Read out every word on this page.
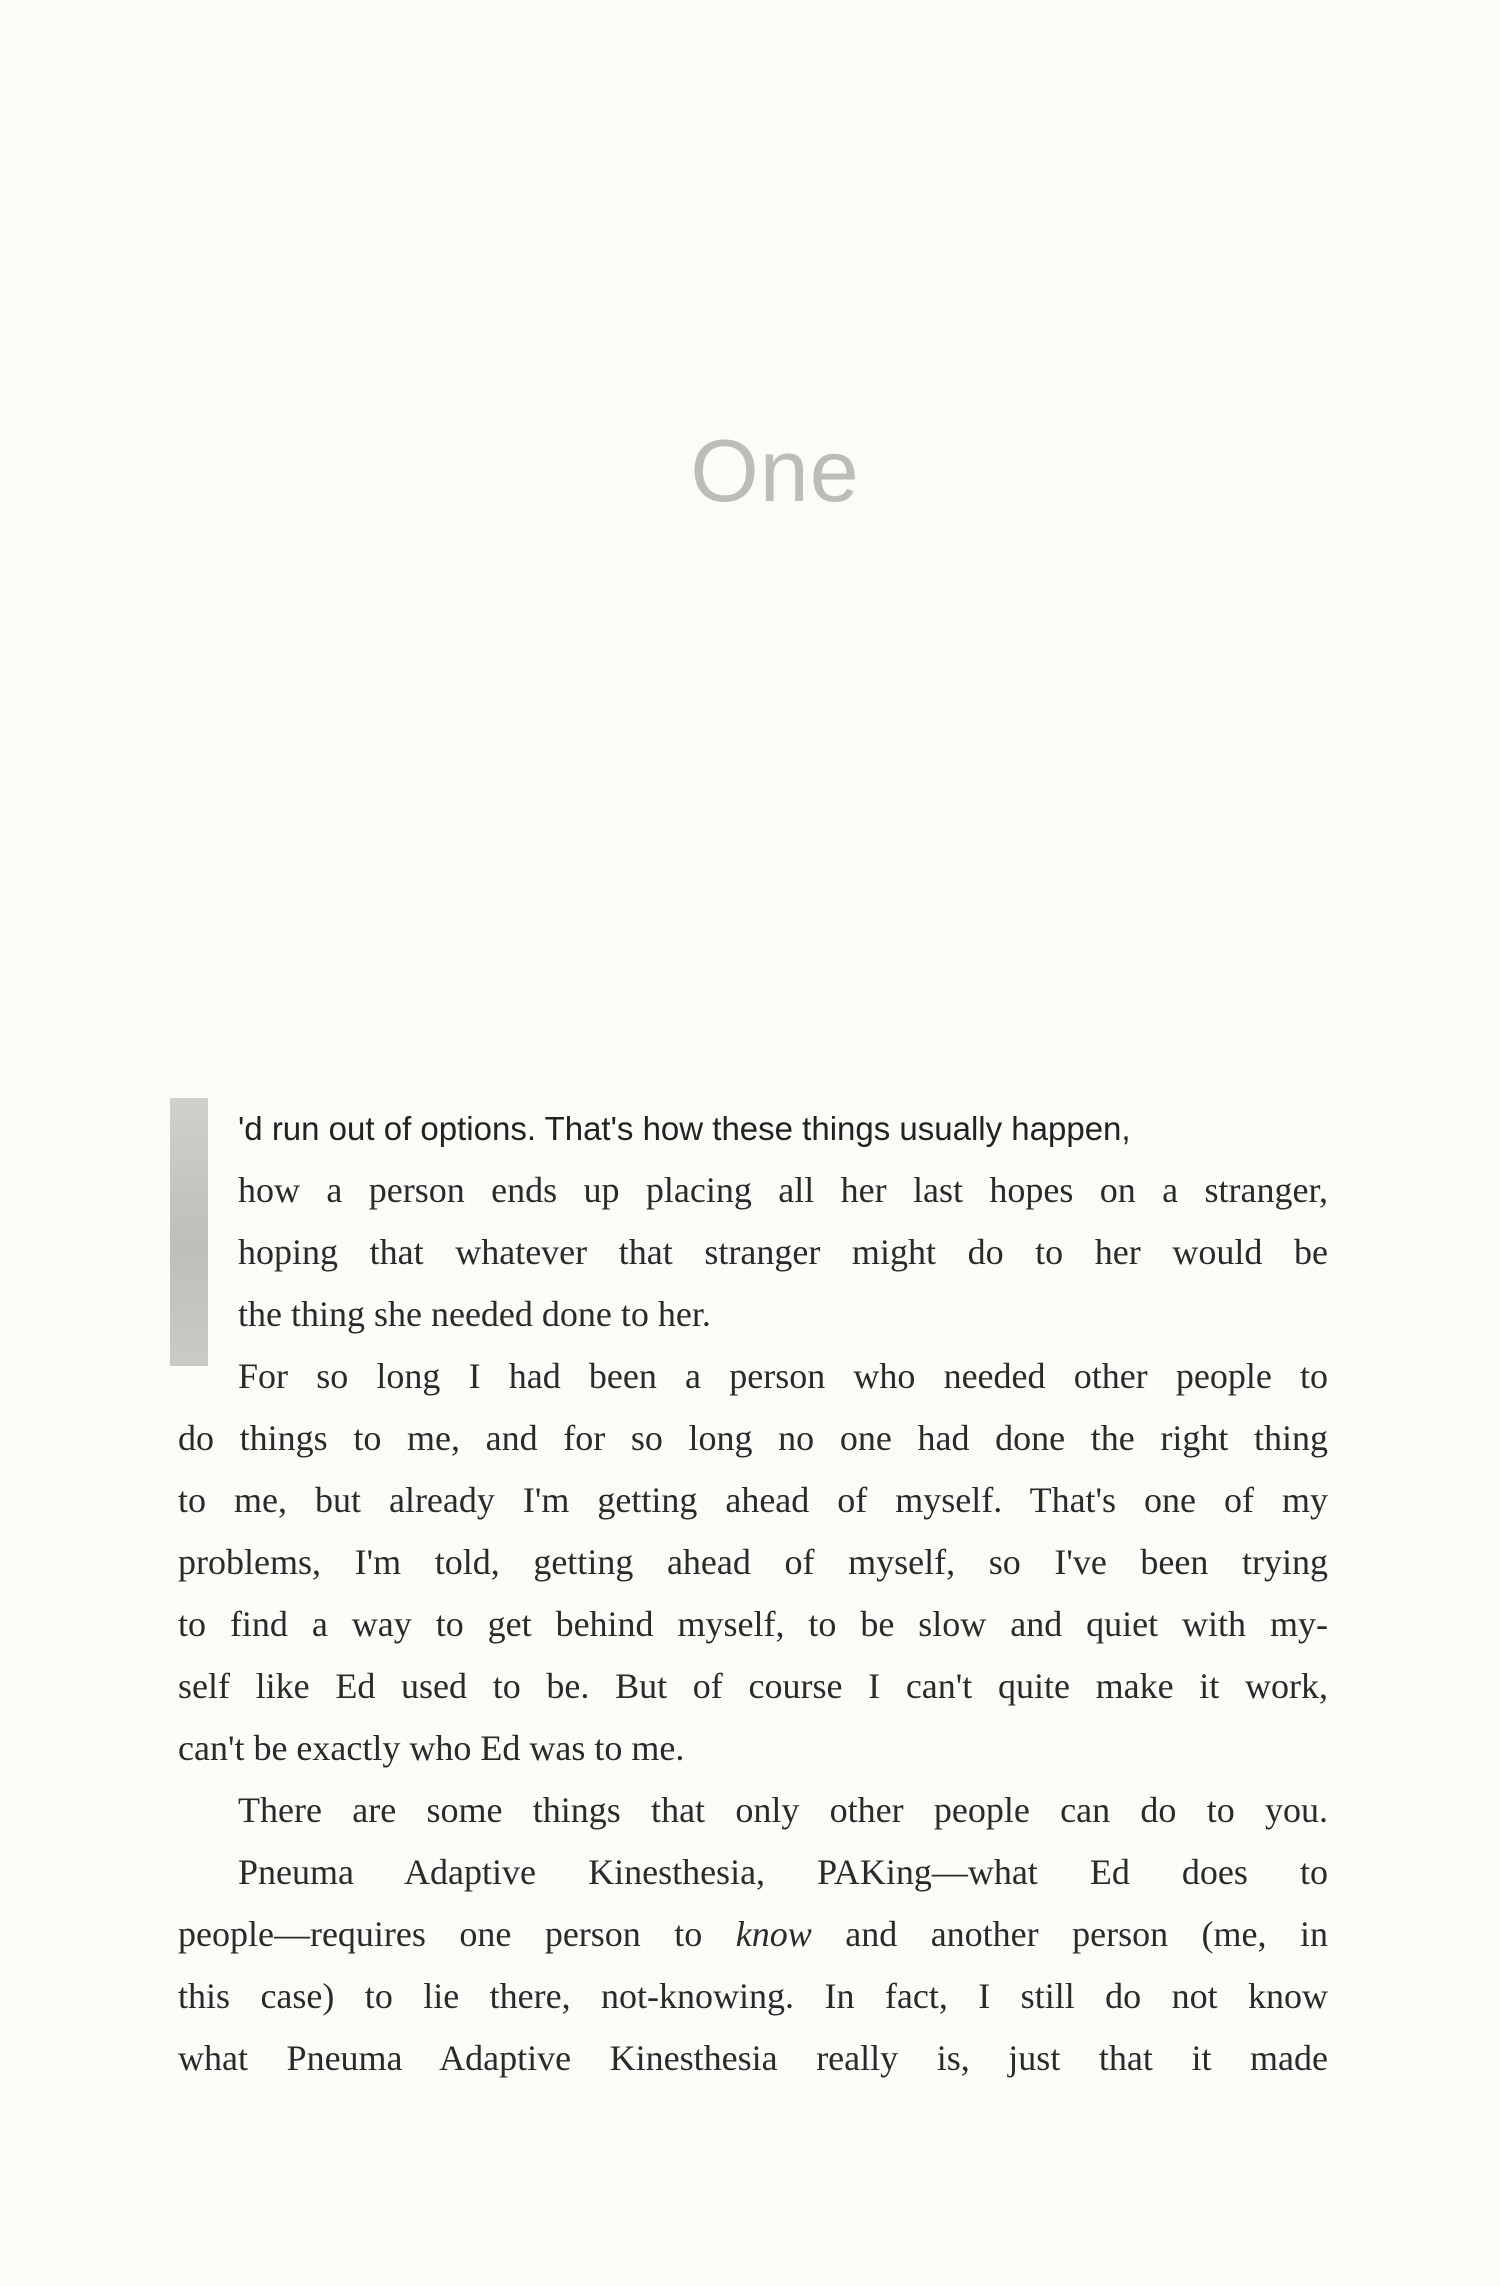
One
'd run out of options. That's how these things usually happen,
how a person ends up placing all her last hopes on a stranger,
hoping that whatever that stranger might do to her would be
the thing she needed done to her.
For so long I had been a person who needed other people to
do things to me, and for so long no one had done the right thing
to me, but already I'm getting ahead of myself. That's one of my
problems, I'm told, getting ahead of myself, so I've been trying
to find a way to get behind myself, to be slow and quiet with my-
self like Ed used to be. But of course I can't quite make it work,
can't be exactly who Ed was to me.
There are some things that only other people can do to you.
Pneuma Adaptive Kinesthesia, PAKing—what Ed does to
people—requires one person to know and another person (me, in
this case) to lie there, not-knowing. In fact, I still do not know
what Pneuma Adaptive Kinesthesia really is, just that it made
